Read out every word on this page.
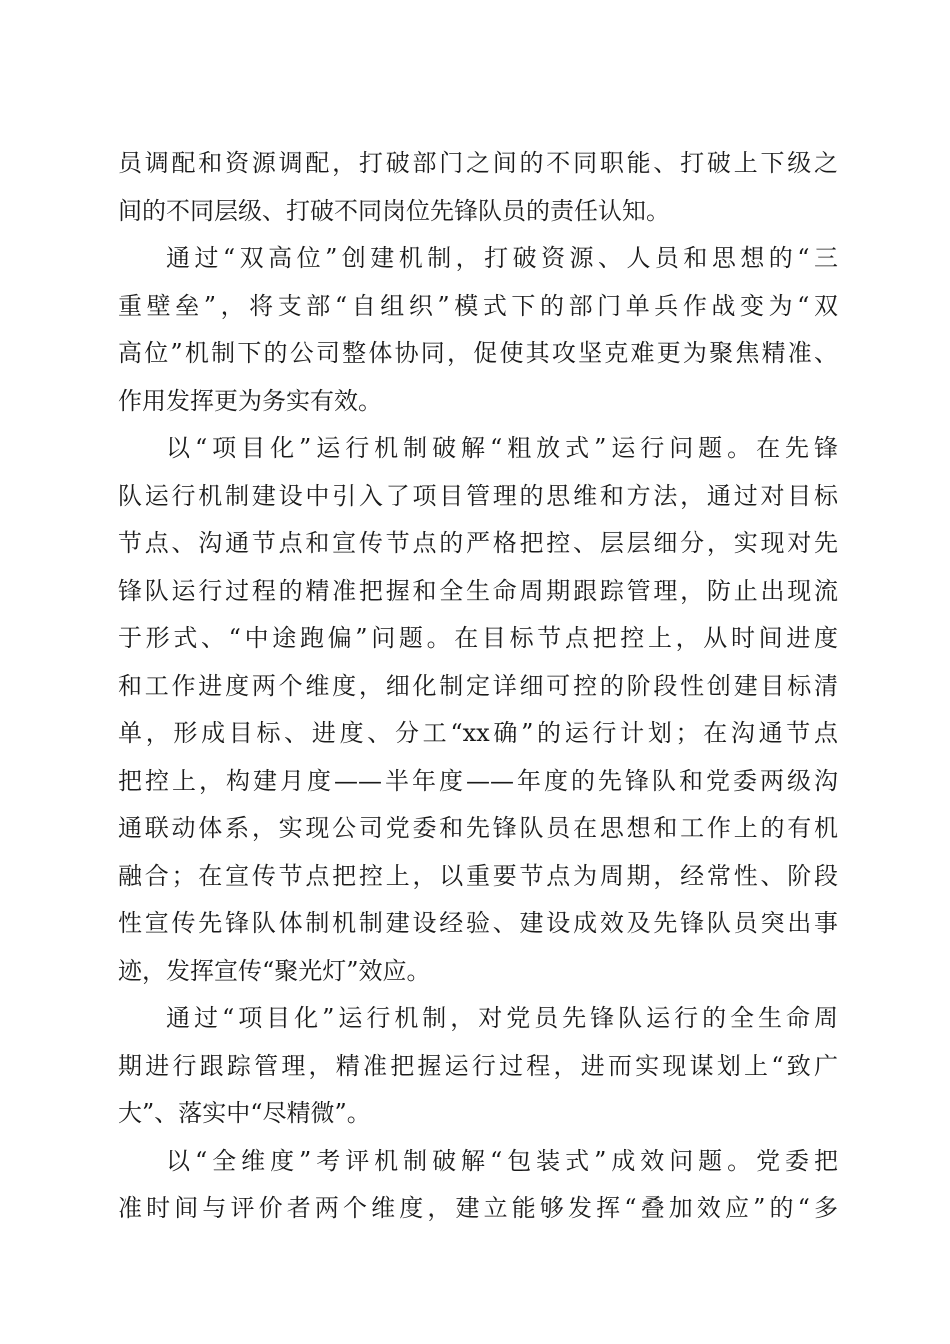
员调配和资源调配，打破部门之间的不同职能、打破上下级之
间的不同层级、打破不同岗位先锋队员的责任认知。
通过“双高位”创建机制，打破资源、人员和思想的“三
重壁垒”，将支部“自组织”模式下的部门单兵作战变为“双
高位”机制下的公司整体协同，促使其攻坚克难更为聚焦精准、
作用发挥更为务实有效。
以“项目化”运行机制破解“粗放式”运行问题。在先锋
队运行机制建设中引入了项目管理的思维和方法，通过对目标
节点、沟通节点和宣传节点的严格把控、层层细分，实现对先
锋队运行过程的精准把握和全生命周期跟踪管理，防止出现流
于形式、“中途跑偏”问题。在目标节点把控上，从时间进度
和工作进度两个维度，细化制定详细可控的阶段性创建目标清
单，形成目标、进度、分工“xx确”的运行计划；在沟通节点
把控上，构建月度——半年度——年度的先锋队和党委两级沟
通联动体系，实现公司党委和先锋队员在思想和工作上的有机
融合；在宣传节点把控上，以重要节点为周期，经常性、阶段
性宣传先锋队体制机制建设经验、建设成效及先锋队员突出事
迹，发挥宣传“聚光灯”效应。
通过“项目化”运行机制，对党员先锋队运行的全生命周
期进行跟踪管理，精准把握运行过程，进而实现谋划上“致广
大”、落实中“尽精微”。
以“全维度”考评机制破解“包装式”成效问题。党委把
准时间与评价者两个维度，建立能够发挥“叠加效应”的“多
